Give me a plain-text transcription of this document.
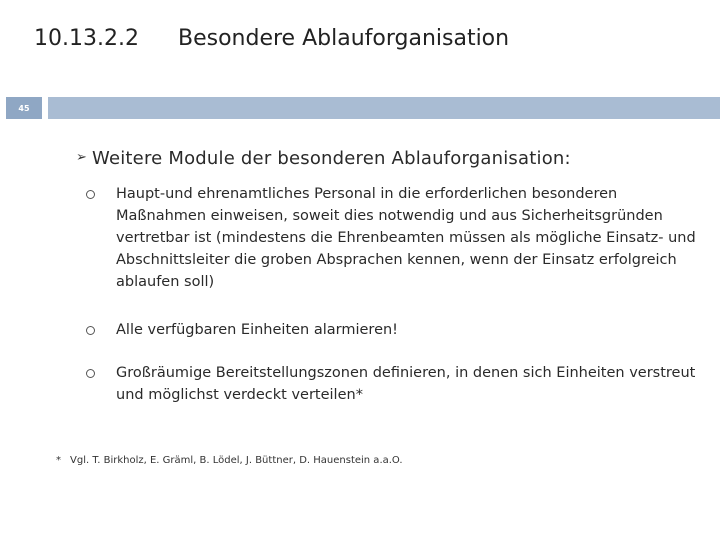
10.13.2.2 Besondere Ablauforganisation
45
➢ Weitere Module der besonderen Ablauforganisation:
Haupt-und ehrenamtliches Personal in die erforderlichen besonderen Maßnahmen einweisen, soweit dies notwendig und aus Sicherheitsgründen vertretbar ist (mindestens die Ehrenbeamten müssen als mögliche Einsatz- und Abschnittsleiter die groben Absprachen kennen, wenn der Einsatz erfolgreich ablaufen soll)
Alle verfügbaren Einheiten alarmieren!
Großräumige Bereitstellungszonen definieren, in denen sich Einheiten verstreut und möglichst verdeckt verteilen*
* Vgl. T. Birkholz, E. Gräml, B. Lödel, J. Büttner, D. Hauenstein a.a.O.
